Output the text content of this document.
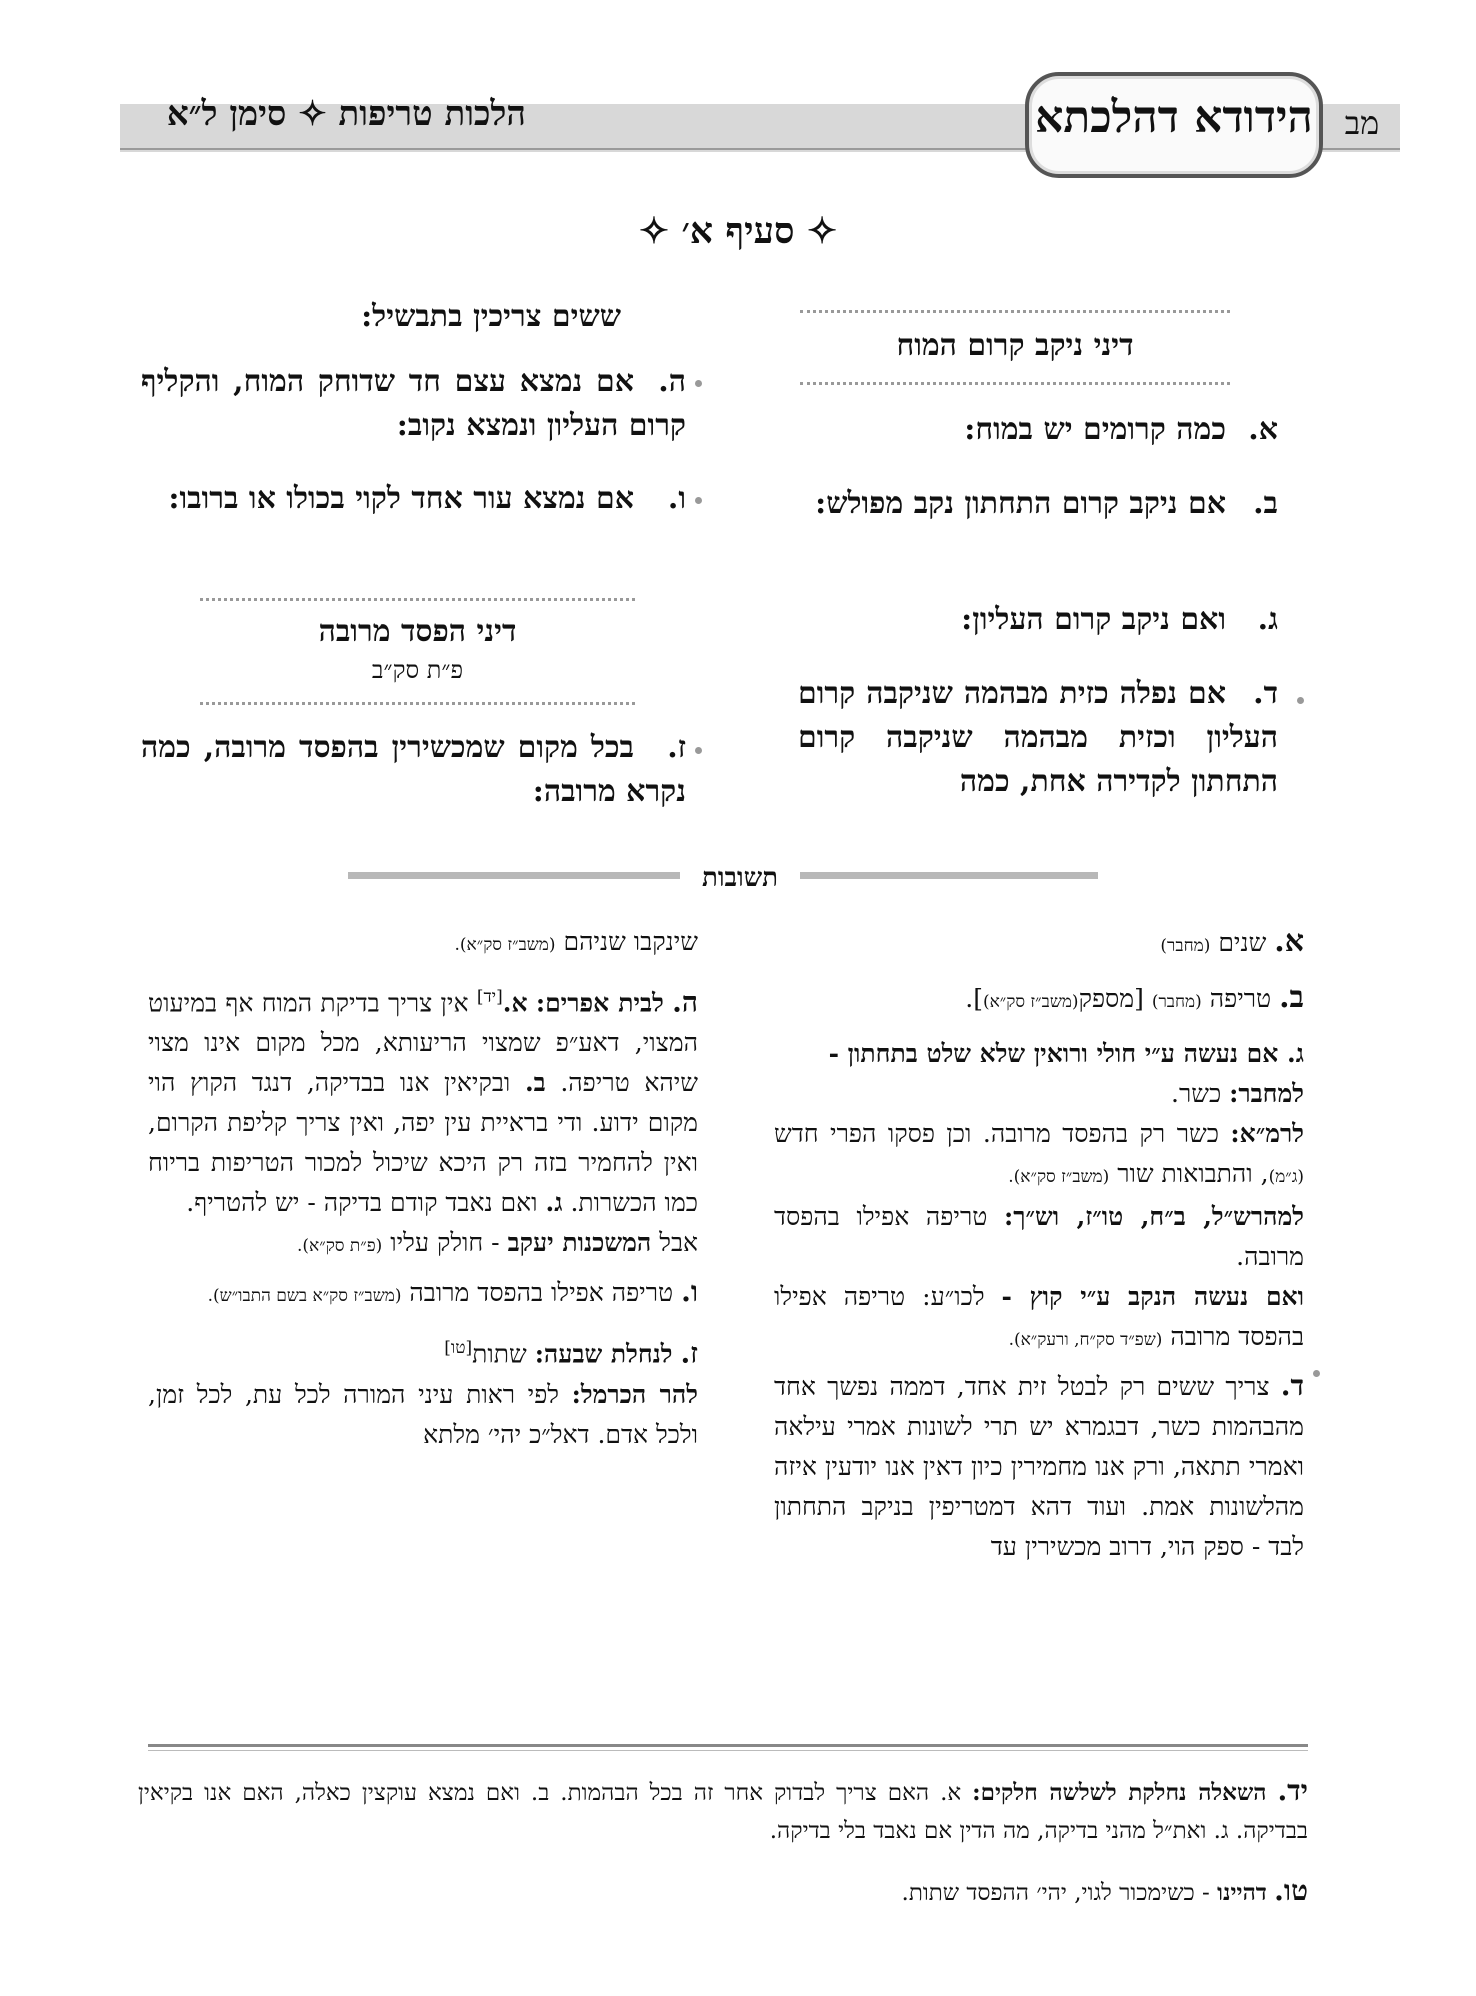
מב
הידודא דהלכתא
הלכות טריפות ✧ סימן ל״א
✧ סעיף א׳ ✧
דיני ניקב קרום המוח
א.כמה קרומים יש במוח:
ב.אם ניקב קרום התחתון נקב מפולש:
ג.ואם ניקב קרום העליון:
ד.אם נפלה כזית מבהמה שניקבה קרום העליון וכזית מבהמה שניקבה קרום התחתון לקדירה אחת, כמה
ששים צריכין בתבשיל:
ה.אם נמצא עצם חד שדוחק המוח, והקליף קרום העליון ונמצא נקוב:
ו.אם נמצא עור אחד לקוי בכולו או ברובו:
דיני הפסד מרובה
פ״ת סק״ב
ז.בכל מקום שמכשירין בהפסד מרובה, כמה נקרא מרובה:
תשובות
א. שנים (מחבר)
ב. טריפה (מחבר) [מספק(משב״ז סק״א)].
ג. אם נעשה ע״י חולי ורואין שלא שלט בתחתון -
למחבר: כשר.
לרמ״א: כשר רק בהפסד מרובה. וכן פסקו הפרי חדש (ג״מ), והתבואות שור (משב״ז סק״א).
למהרש״ל, ב״ח, טו״ז, וש״ך: טריפה אפילו בהפסד מרובה.
ואם נעשה הנקב ע״י קוץ - לכו״ע: טריפה אפילו בהפסד מרובה (שפ״ד סק״ח, ורעק״א).
ד. צריך ששים רק לבטל זית אחד, דממה נפשך אחד מהבהמות כשר, דבגמרא יש תרי לשונות אמרי עילאה ואמרי תתאה, ורק אנו מחמירין כיון דאין אנו יודעין איזה מהלשונות אמת. ועוד דהא דמטריפין בניקב התחתון לבד - ספק הוי, דרוב מכשירין עד
שינקבו שניהם (משב״ז סק״א).
ה. לבית אפרים: א.[יד] אין צריך בדיקת המוח אף במיעוט המצוי, דאע״פ שמצוי הריעותא, מכל מקום אינו מצוי שיהא טריפה. ב. ובקיאין אנו בבדיקה, דנגד הקוץ הוי מקום ידוע. ודי בראיית עין יפה, ואין צריך קליפת הקרום, ואין להחמיר בזה רק היכא שיכול למכור הטריפות בריוח כמו הכשרות. ג. ואם נאבד קודם בדיקה - יש להטריף.
אבל המשכנות יעקב - חולק עליו (פ״ת סק״א).
ו. טריפה אפילו בהפסד מרובה (משב״ז סק״א בשם התבו״ש).
ז. לנחלת שבעה: שתות[טו]
להר הכרמל: לפי ראות עיני המורה לכל עת, לכל זמן, ולכל אדם. דאל״כ יהי׳ מלתא
יד. השאלה נחלקת לשלשה חלקים: א. האם צריך לבדוק אחר זה בכל הבהמות. ב. ואם נמצא עוקצין כאלה, האם אנו בקיאין בבדיקה. ג. ואת״ל מהני בדיקה, מה הדין אם נאבד בלי בדיקה.
טו. דהיינו - כשימכור לגוי, יהי׳ ההפסד שתות.
